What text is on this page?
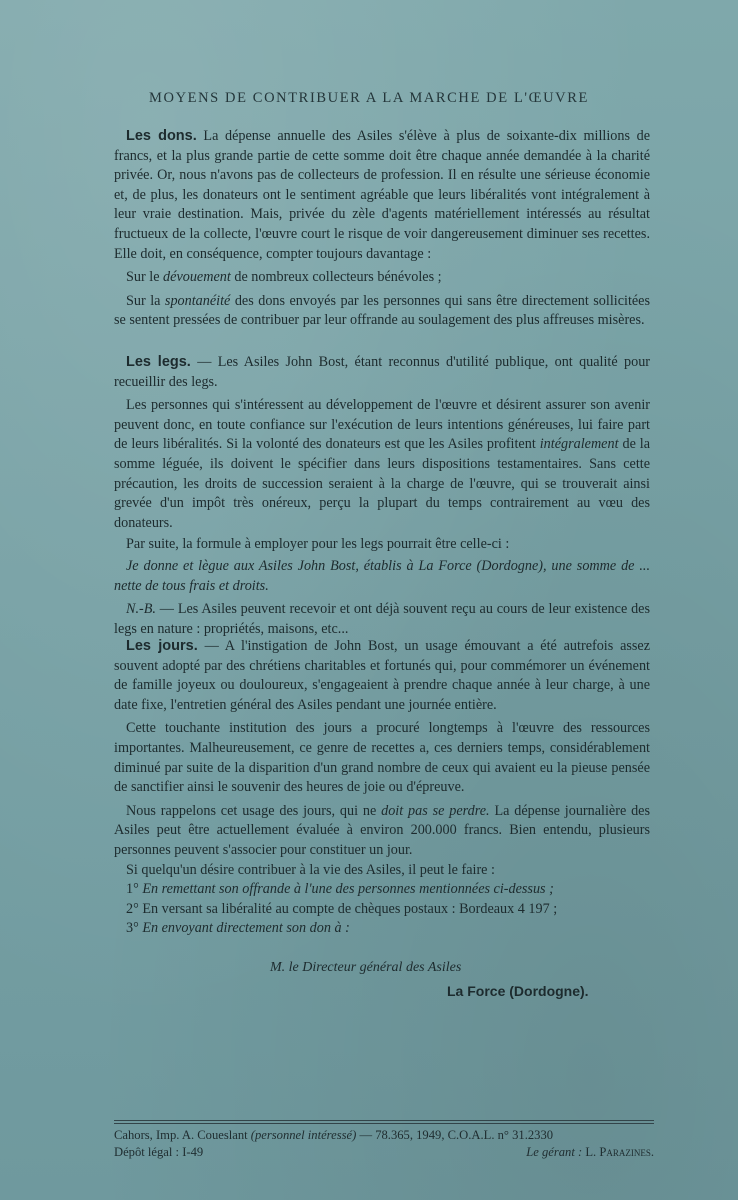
MOYENS DE CONTRIBUER A LA MARCHE DE L'ŒUVRE

Les dons. La dépense annuelle des Asiles s'élève à plus de soixante-dix millions de francs, et la plus grande partie de cette somme doit être chaque année demandée à la charité privée. Or, nous n'avons pas de collecteurs de profession. Il en résulte une sérieuse économie et, de plus, les donateurs ont le sentiment agréable que leurs libéralités vont intégralement à leur vraie destination. Mais, privée du zèle d'agents matériellement intéressés au résultat fructueux de la collecte, l'œuvre court le risque de voir dangereusement diminuer ses recettes. Elle doit, en conséquence, compter toujours davantage :

Sur le dévouement de nombreux collecteurs bénévoles ;

Sur la spontanéité des dons envoyés par les personnes qui sans être directement sollicitées se sentent pressées de contribuer par leur offrande au soulagement des plus affreuses misères.

Les legs. — Les Asiles John Bost, étant reconnus d'utilité publique, ont qualité pour recueillir des legs.

Les personnes qui s'intéressent au développement de l'œuvre et désirent assurer son avenir peuvent donc, en toute confiance sur l'exécution de leurs intentions généreuses, lui faire part de leurs libéralités. Si la volonté des donateurs est que les Asiles profitent intégralement de la somme léguée, ils doivent le spécifier dans leurs dispositions testamentaires. Sans cette précaution, les droits de succession seraient à la charge de l'œuvre, qui se trouverait ainsi grevée d'un impôt très onéreux, perçu la plupart du temps contrairement au vœu des donateurs.

Par suite, la formule à employer pour les legs pourrait être celle-ci :

Je donne et lègue aux Asiles John Bost, établis à La Force (Dordogne), une somme de ... nette de tous frais et droits.

N.-B. — Les Asiles peuvent recevoir et ont déjà souvent reçu au cours de leur existence des legs en nature : propriétés, maisons, etc...

Les jours. — A l'instigation de John Bost, un usage émouvant a été autrefois assez souvent adopté par des chrétiens charitables et fortunés qui, pour commémorer un événement de famille joyeux ou douloureux, s'engageaient à prendre chaque année à leur charge, à une date fixe, l'entretien général des Asiles pendant une journée entière.

Cette touchante institution des jours a procuré longtemps à l'œuvre des ressources importantes. Malheureusement, ce genre de recettes a, ces derniers temps, considérablement diminué par suite de la disparition d'un grand nombre de ceux qui avaient eu la pieuse pensée de sanctifier ainsi le souvenir des heures de joie ou d'épreuve.

Nous rappelons cet usage des jours, qui ne doit pas se perdre. La dépense journalière des Asiles peut être actuellement évaluée à environ 200.000 francs. Bien entendu, plusieurs personnes peuvent s'associer pour constituer un jour.

Si quelqu'un désire contribuer à la vie des Asiles, il peut le faire :

1° En remettant son offrande à l'une des personnes mentionnées ci-dessus ;

2° En versant sa libéralité au compte de chèques postaux : Bordeaux 4 197 ;

3° En envoyant directement son don à :

M. le Directeur général des Asiles
La Force (Dordogne).
Cahors, Imp. A. Coueslant (personnel intéressé) — 78.365, 1949, C.O.A.L. n° 31.2330
Dépôt légal : I-49	Le gérant : L. Parazines.
